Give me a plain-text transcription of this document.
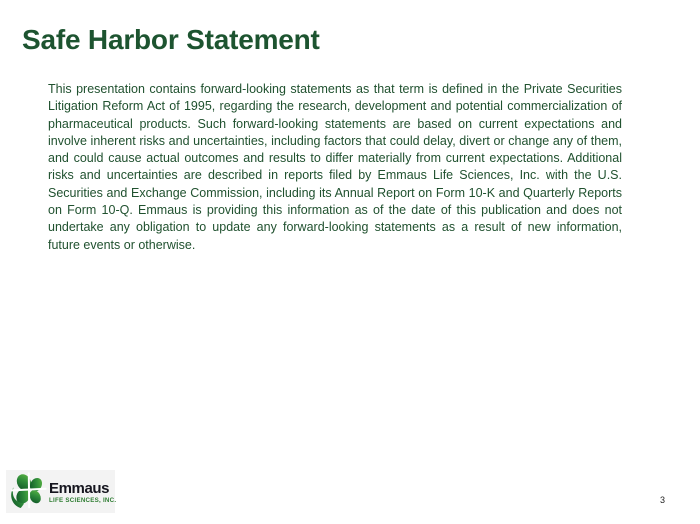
Safe Harbor Statement

This presentation contains forward-looking statements as that term is defined in the Private Securities Litigation Reform Act of 1995, regarding the research, development and potential commercialization of pharmaceutical products. Such forward-looking statements are based on current expectations and involve inherent risks and uncertainties, including factors that could delay, divert or change any of them, and could cause actual outcomes and results to differ materially from current expectations. Additional risks and uncertainties are described in reports filed by Emmaus Life Sciences, Inc. with the U.S. Securities and Exchange Commission, including its Annual Report on Form 10-K and Quarterly Reports on Form 10-Q. Emmaus is providing this information as of the date of this publication and does not undertake any obligation to update any forward-looking statements as a result of new information, future events or otherwise.

Emmaus
LIFE SCIENCES, INC.	3
